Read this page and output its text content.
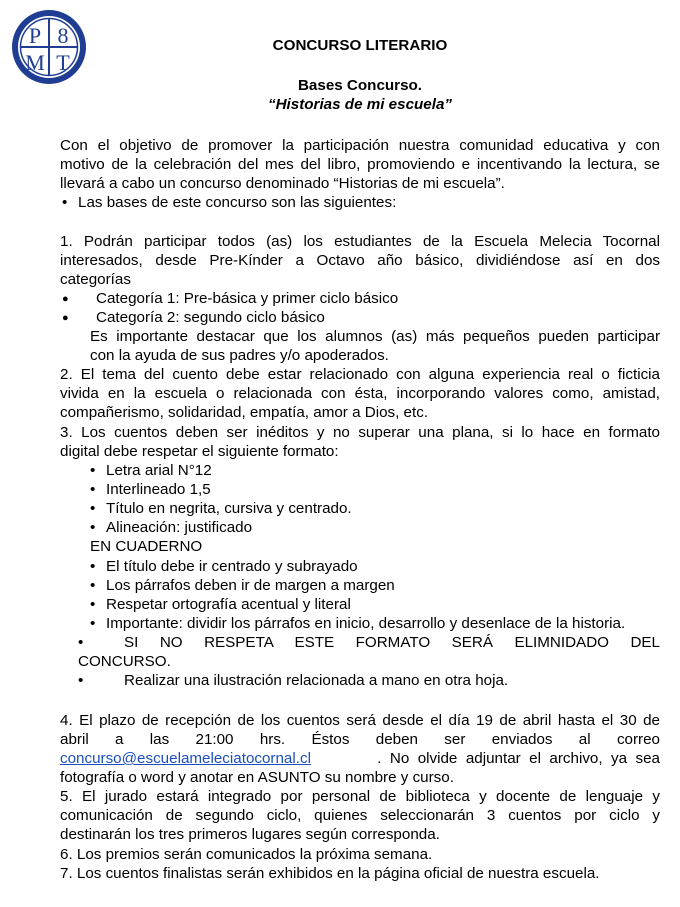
P 8
M T
CONCURSO LITERARIO
Bases Concurso.
“Historias de mi escuela”
Con el objetivo de promover la participación nuestra comunidad educativa y con
motivo de la celebración del mes del libro, promoviendo e incentivando la lectura, se
llevará a cabo un concurso denominado “Historias de mi escuela”.
• Las bases de este concurso son las siguientes:
1. Podrán participar todos (as) los estudiantes de la Escuela Melecia Tocornal
interesados, desde Pre-Kínder a Octavo año básico, dividiéndose así en dos
categorías
● Categoría 1: Pre-básica y primer ciclo básico
● Categoría 2: segundo ciclo básico
Es importante destacar que los alumnos (as) más pequeños pueden participar
con la ayuda de sus padres y/o apoderados.
2. El tema del cuento debe estar relacionado con alguna experiencia real o ficticia
vivida en la escuela o relacionada con ésta, incorporando valores como, amistad,
compañerismo, solidaridad, empatía, amor a Dios, etc.
3. Los cuentos deben ser inéditos y no superar una plana, si lo hace en formato
digital debe respetar el siguiente formato:
• Letra arial N°12
• Interlineado 1,5
• Título en negrita, cursiva y centrado.
• Alineación: justificado
EN CUADERNO
• El título debe ir centrado y subrayado
• Los párrafos deben ir de margen a margen
• Respetar ortografía acentual y literal
• Importante: dividir los párrafos en inicio, desarrollo y desenlace de la historia.
•	SI NO RESPETA ESTE FORMATO SERÁ ELIMNIDADO DEL
CONCURSO.
•	Realizar una ilustración relacionada a mano en otra hoja.
4. El plazo de recepción de los cuentos será desde el día 19 de abril hasta el 30 de
abril a las 21:00 hrs. Éstos deben ser enviados al correo
concurso@escuelameleciatocornal.cl	.  No  olvide  adjuntar  el  archivo,  ya  sea
fotografía o word y anotar en ASUNTO su nombre y curso.
5. El jurado estará integrado por personal de biblioteca y docente de lenguaje y
comunicación de segundo ciclo, quienes seleccionarán 3 cuentos por ciclo y
destinarán los tres primeros lugares según corresponda.
6. Los premios serán comunicados la próxima semana.
7. Los cuentos finalistas serán exhibidos en la página oficial de nuestra escuela.
